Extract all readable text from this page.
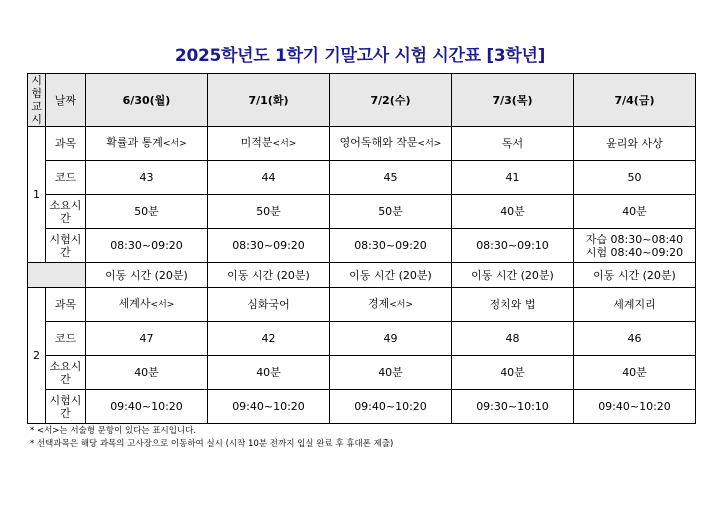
2025학년도 1학기 기말고사 시험 시간표 [3학년]
시험
교시	날짜	6/30(월)	7/1(화)	7/2(수)	7/3(목)	7/4(금)
1	과목	확률과 통계<서>	미적분<서>	영어독해와 작문<서>	독서	윤리와 사상
	코드	43	44	45	41	50
	소요시간	50분	50분	50분	40분	40분
	시험시간	08:30~09:20	08:30~09:20	08:30~09:20	08:30~09:10	자습 08:30~08:40
시험 08:40~09:20

		이동 시간 (20분)	이동 시간 (20분)	이동 시간 (20분)	이동 시간 (20분)	이동 시간 (20분)
2	과목	세계사<서>	심화국어	경제<서>	정치와 법	세계지리
	코드	47	42	49	48	46
	소요시간	40분	40분	40분	40분	40분
	시험시간	09:40~10:20	09:40~10:20	09:40~10:20	09:30~10:10	09:40~10:20
* <서>는 서술형 문항이 있다는 표시입니다.
* 선택과목은 해당 과목의 고사장으로 이동하여 실시 (시작 10분 전까지 입실 완료 후 휴대폰 제출)
